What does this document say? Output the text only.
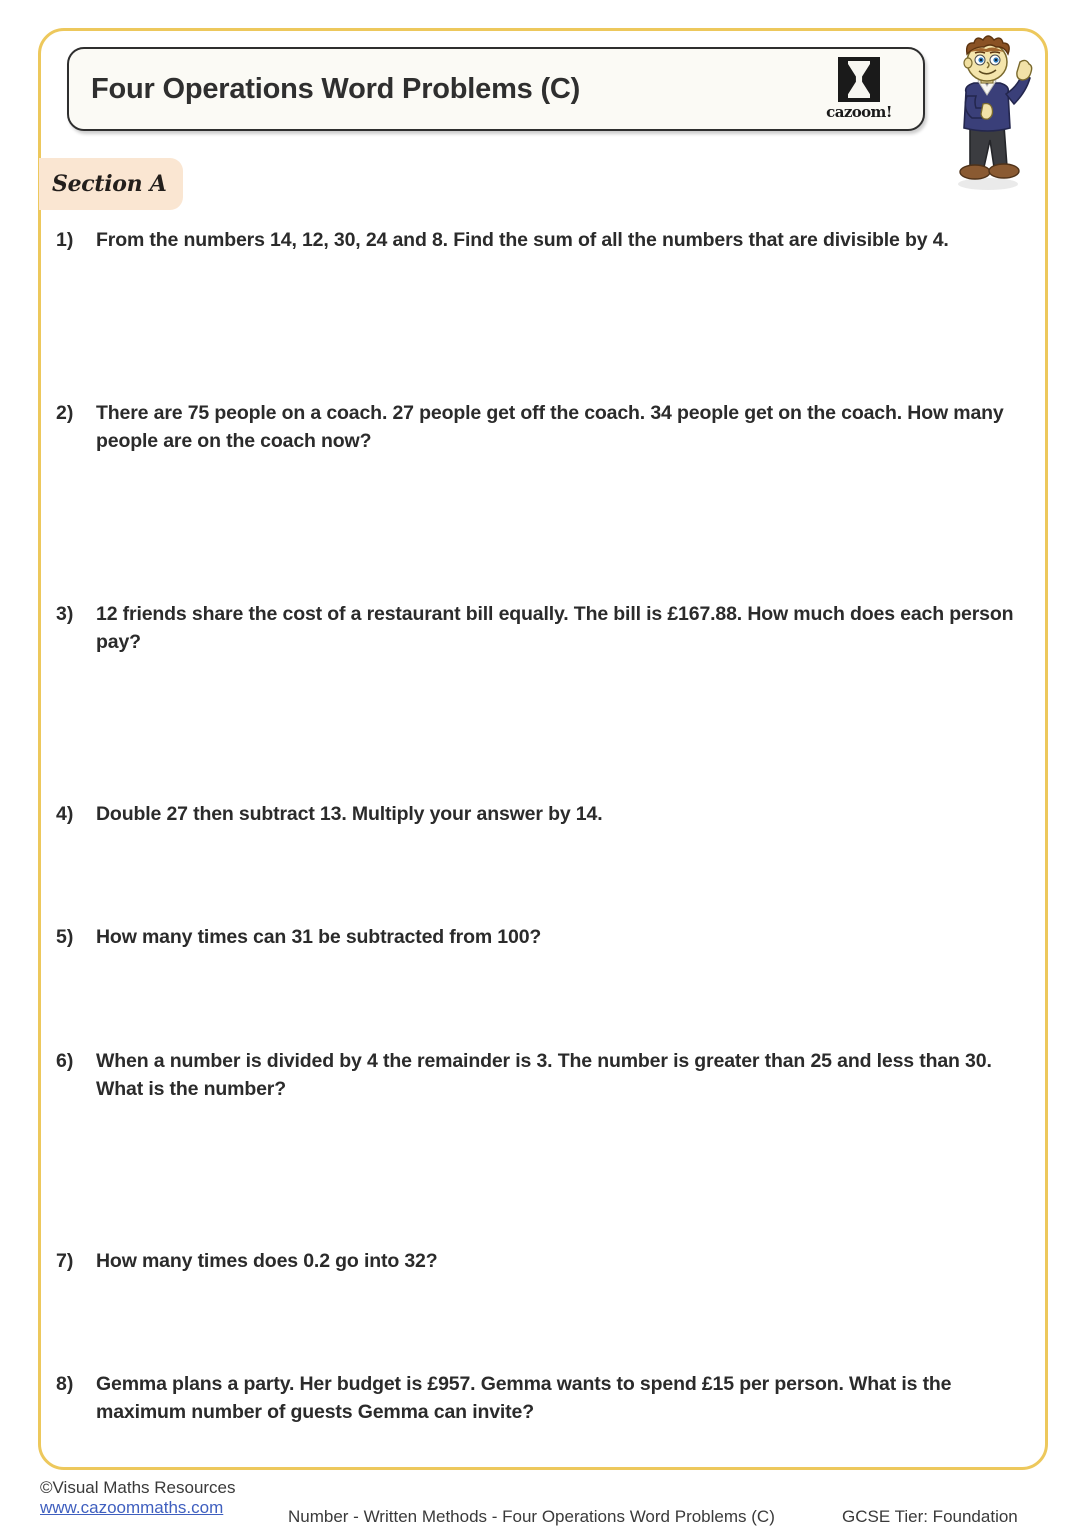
Four Operations Word Problems (C)
cazoom!
Section A
1)	From the numbers 14, 12, 30, 24 and 8. Find the sum of all the numbers that are divisible by 4.
2)	There are 75 people on a coach. 27 people get off the coach. 34 people get on the coach. How many people are on the coach now?
3)	12 friends share the cost of a restaurant bill equally. The bill is £167.88. How much does each person pay?
4)	Double 27 then subtract 13. Multiply your answer by 14.
5)	How many times can 31 be subtracted from 100?
6)	When a number is divided by 4 the remainder is 3. The number is greater than 25 and less than 30. What is the number?
7)	How many times does 0.2 go into 32?
8)	Gemma plans a party. Her budget is £957. Gemma wants to spend £15 per person. What is the maximum number of guests Gemma can invite?
©Visual Maths Resources
www.cazoommaths.com	Number - Written Methods - Four Operations Word Problems (C)	GCSE Tier: Foundation
